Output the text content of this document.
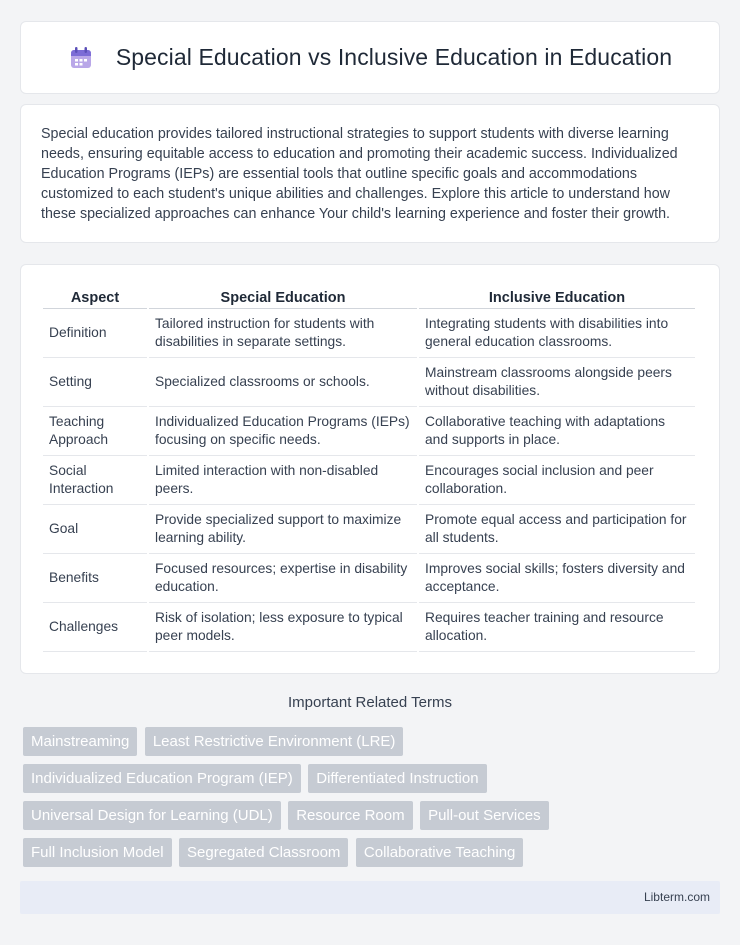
Special Education vs Inclusive Education in Education

Special education provides tailored instructional strategies to support students with diverse learning needs, ensuring equitable access to education and promoting their academic success. Individualized Education Programs (IEPs) are essential tools that outline specific goals and accommodations customized to each student's unique abilities and challenges. Explore this article to understand how these specialized approaches can enhance Your child's learning experience and foster their growth.

Aspect	Special Education	Inclusive Education
Definition	Tailored instruction for students with disabilities in separate settings.	Integrating students with disabilities into general education classrooms.
Setting	Specialized classrooms or schools.	Mainstream classrooms alongside peers without disabilities.
Teaching Approach	Individualized Education Programs (IEPs) focusing on specific needs.	Collaborative teaching with adaptations and supports in place.
Social Interaction	Limited interaction with non-disabled peers.	Encourages social inclusion and peer collaboration.
Goal	Provide specialized support to maximize learning ability.	Promote equal access and participation for all students.
Benefits	Focused resources; expertise in disability education.	Improves social skills; fosters diversity and acceptance.
Challenges	Risk of isolation; less exposure to typical peer models.	Requires teacher training and resource allocation.
Important Related Terms
Mainstreaming Least Restrictive Environment (LRE)
Individualized Education Program (IEP) Differentiated Instruction
Universal Design for Learning (UDL) Resource Room Pull-out Services
Full Inclusion Model Segregated Classroom Collaborative Teaching
Libterm.com
